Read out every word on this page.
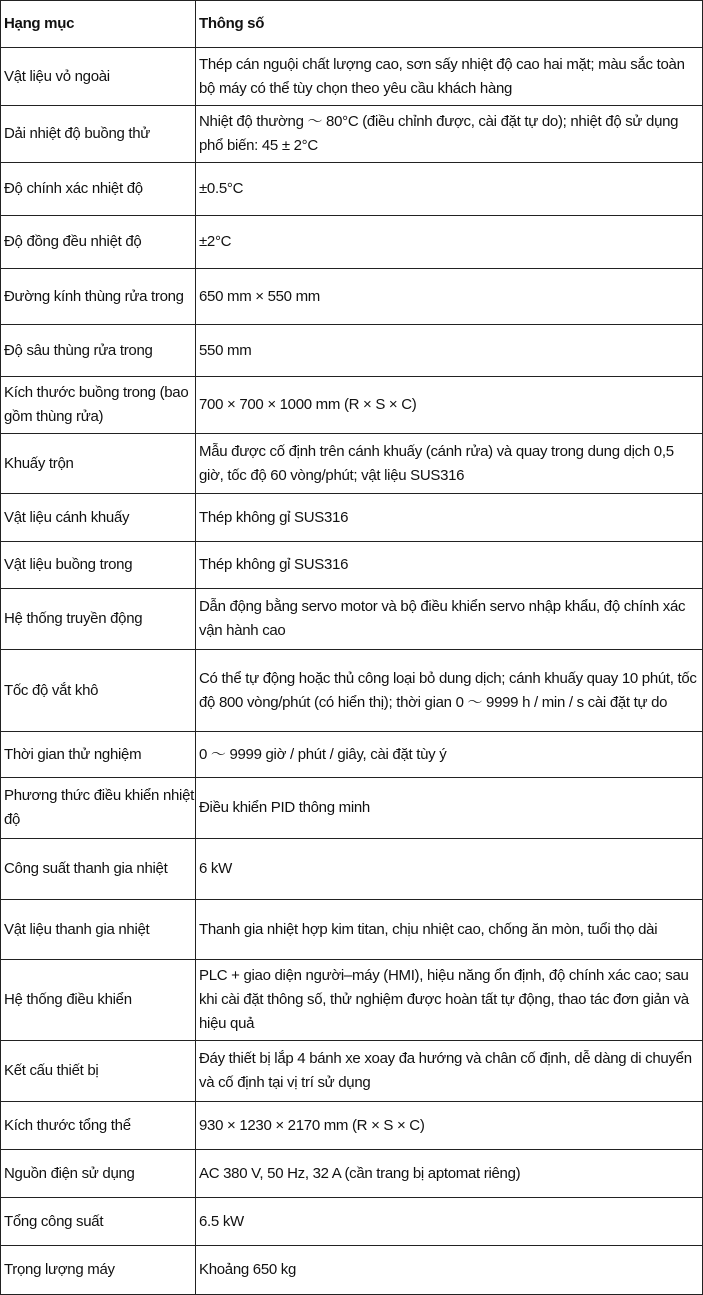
Hạng mục	Thông số
Vật liệu vỏ ngoài	Thép cán nguội chất lượng cao, sơn sấy nhiệt độ cao hai mặt; màu sắc toàn bộ máy có thể tùy chọn theo yêu cầu khách hàng
Dải nhiệt độ buồng thử	Nhiệt độ thường ～ 80°C (điều chỉnh được, cài đặt tự do); nhiệt độ sử dụng phổ biến: 45 ± 2°C
Độ chính xác nhiệt độ	±0.5°C
Độ đồng đều nhiệt độ	±2°C
Đường kính thùng rửa trong	650 mm × 550 mm
Độ sâu thùng rửa trong	550 mm
Kích thước buồng trong (bao gồm thùng rửa)	700 × 700 × 1000 mm (R × S × C)
Khuấy trộn	Mẫu được cố định trên cánh khuấy (cánh rửa) và quay trong dung dịch 0,5 giờ, tốc độ 60 vòng/phút; vật liệu SUS316
Vật liệu cánh khuấy	Thép không gỉ SUS316
Vật liệu buồng trong	Thép không gỉ SUS316
Hệ thống truyền động	Dẫn động bằng servo motor và bộ điều khiển servo nhập khẩu, độ chính xác vận hành cao
Tốc độ vắt khô	Có thể tự động hoặc thủ công loại bỏ dung dịch; cánh khuấy quay 10 phút, tốc độ 800 vòng/phút (có hiển thị); thời gian 0 ～ 9999 h / min / s cài đặt tự do
Thời gian thử nghiệm	0 ～ 9999 giờ / phút / giây, cài đặt tùy ý
Phương thức điều khiển nhiệt độ	Điều khiển PID thông minh
Công suất thanh gia nhiệt	6 kW
Vật liệu thanh gia nhiệt	Thanh gia nhiệt hợp kim titan, chịu nhiệt cao, chống ăn mòn, tuổi thọ dài
Hệ thống điều khiển	PLC + giao diện người–máy (HMI), hiệu năng ổn định, độ chính xác cao; sau khi cài đặt thông số, thử nghiệm được hoàn tất tự động, thao tác đơn giản và hiệu quả
Kết cấu thiết bị	Đáy thiết bị lắp 4 bánh xe xoay đa hướng và chân cố định, dễ dàng di chuyển và cố định tại vị trí sử dụng
Kích thước tổng thể	930 × 1230 × 2170 mm (R × S × C)
Nguồn điện sử dụng	AC 380 V, 50 Hz, 32 A (cần trang bị aptomat riêng)
Tổng công suất	6.5 kW
Trọng lượng máy	Khoảng 650 kg
